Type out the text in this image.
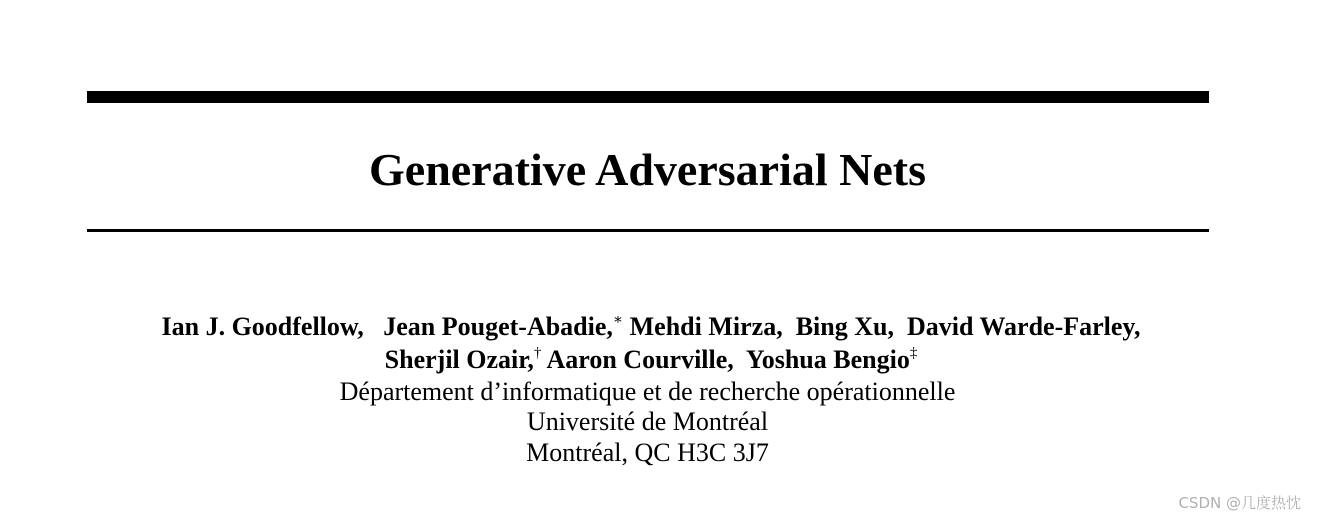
Generative Adversarial Nets
Ian J. Goodfellow, Jean Pouget-Abadie,∗ Mehdi Mirza, Bing Xu, David Warde-Farley,
Sherjil Ozair,† Aaron Courville, Yoshua Bengio‡
Département d’informatique et de recherche opérationnelle
Université de Montréal
Montréal, QC H3C 3J7
CSDN @几度热忱
